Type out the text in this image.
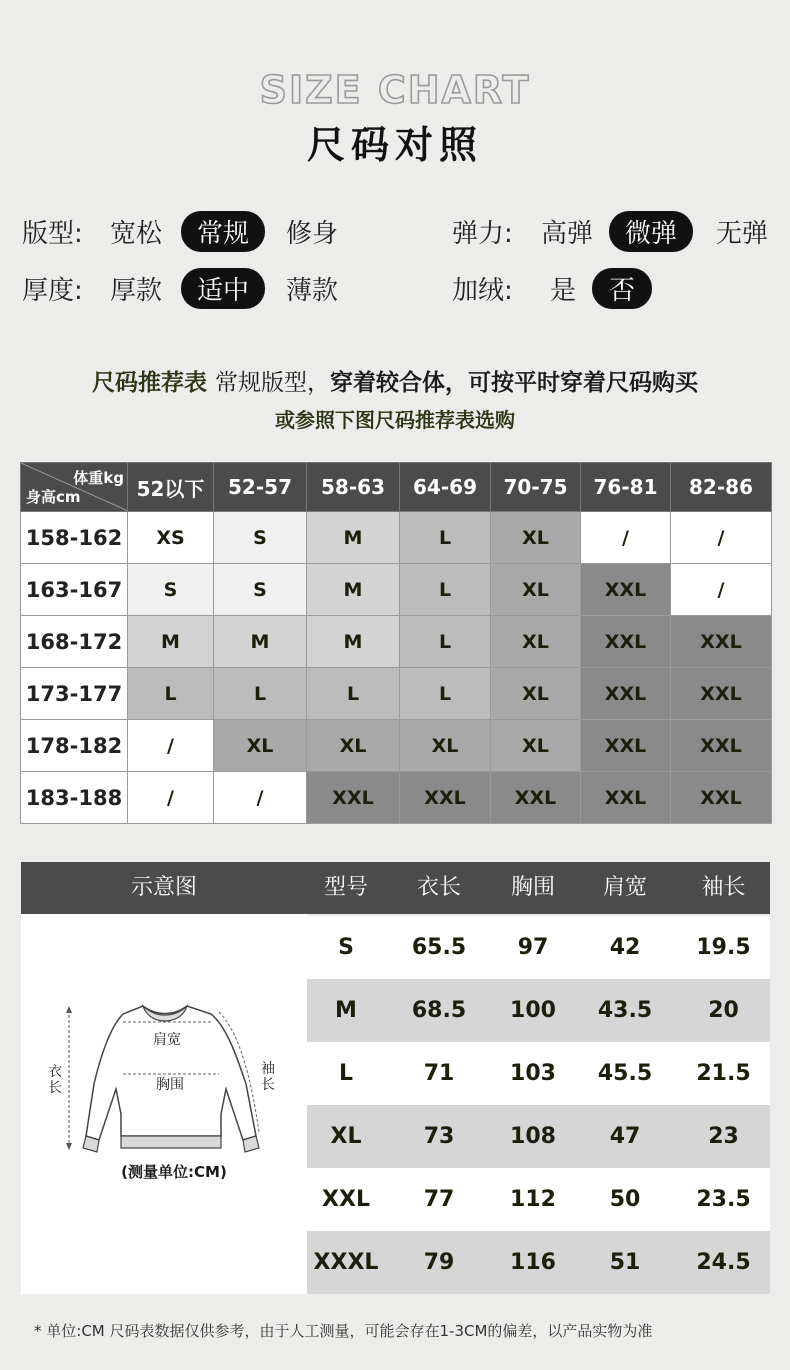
SIZE CHART
尺码对照
版型: 宽松	常规	修身	弹力: 高弹	微弹	无弹
厚度: 厚款	适中	薄款	加绒: 是	否
尺码推荐表 常规版型，穿着较合体，可按平时穿着尺码购买
或参照下图尺码推荐表选购
体重kg
身高cm	52以下	52-57	58-63	64-69	70-75	76-81	82-86
158-162	XS	S	M	L	XL	/	/
163-167	S	S	M	L	XL	XXL	/
168-172	M	M	M	L	XL	XXL	XXL
173-177	L	L	L	L	XL	XXL	XXL
178-182	/	XL	XL	XL	XL	XXL	XXL
183-188	/	/	XXL	XXL	XXL	XXL	XXL
示意图	型号	衣长	胸围	肩宽	袖长
肩宽
胸围
衣
长
袖
长
(测量单位:CM)
S	65.5	97	42	19.5
M	68.5	100	43.5	20
L	71	103	45.5	21.5
XL	73	108	47	23
XXL	77	112	50	23.5
XXXL	79	116	51	24.5
* 单位:CM 尺码表数据仅供参考，由于人工测量，可能会存在1-3CM的偏差，以产品实物为准
